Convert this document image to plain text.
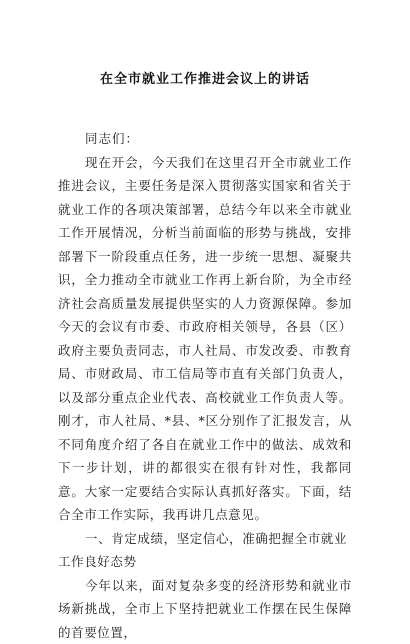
在全市就业工作推进会议上的讲话

同志们：

现在开会，今天我们在这里召开全市就业工作推进会议，主要任务是深入贯彻落实国家和省关于就业工作的各项决策部署，总结今年以来全市就业工作开展情况，分析当前面临的形势与挑战，安排部署下一阶段重点任务，进一步统一思想、凝聚共识，全力推动全市就业工作再上新台阶，为全市经济社会高质量发展提供坚实的人力资源保障。参加今天的会议有市委、市政府相关领导，各县（区）政府主要负责同志，市人社局、市发改委、市教育局、市财政局、市工信局等市直有关部门负责人，以及部分重点企业代表、高校就业工作负责人等。刚才，市人社局、*县、*区分别作了汇报发言，从不同角度介绍了各自在就业工作中的做法、成效和下一步计划，讲的都很实在很有针对性，我都同意。大家一定要结合实际认真抓好落实。下面，结合全市工作实际，我再讲几点意见。

一、肯定成绩，坚定信心，准确把握全市就业工作良好态势

今年以来，面对复杂多变的经济形势和就业市场新挑战，全市上下坚持把就业工作摆在民生保障的首要位置，
